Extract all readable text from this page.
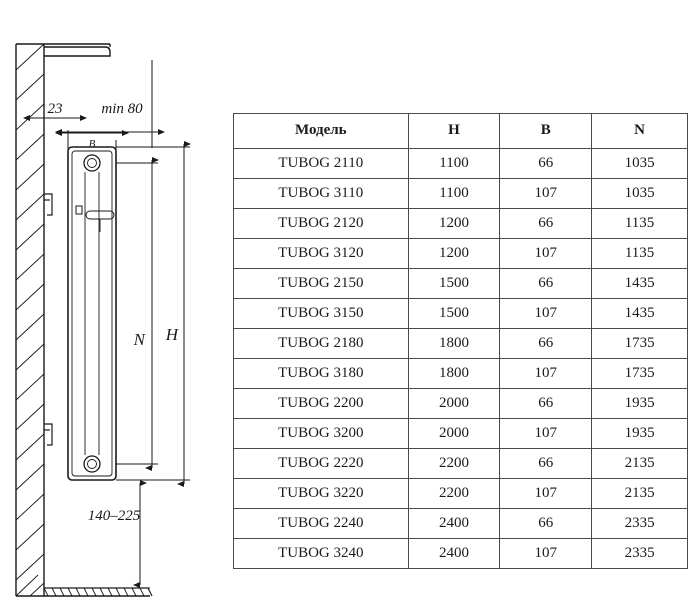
23	min 80
B
N H
140–225
Модель	H	B	N
TUBOG 2110	1100	66	1035
TUBOG 3110	1100	107	1035
TUBOG 2120	1200	66	1135
TUBOG 3120	1200	107	1135
TUBOG 2150	1500	66	1435
TUBOG 3150	1500	107	1435
TUBOG 2180	1800	66	1735
TUBOG 3180	1800	107	1735
TUBOG 2200	2000	66	1935
TUBOG 3200	2000	107	1935
TUBOG 2220	2200	66	2135
TUBOG 3220	2200	107	2135
TUBOG 2240	2400	66	2335
TUBOG 3240	2400	107	2335
